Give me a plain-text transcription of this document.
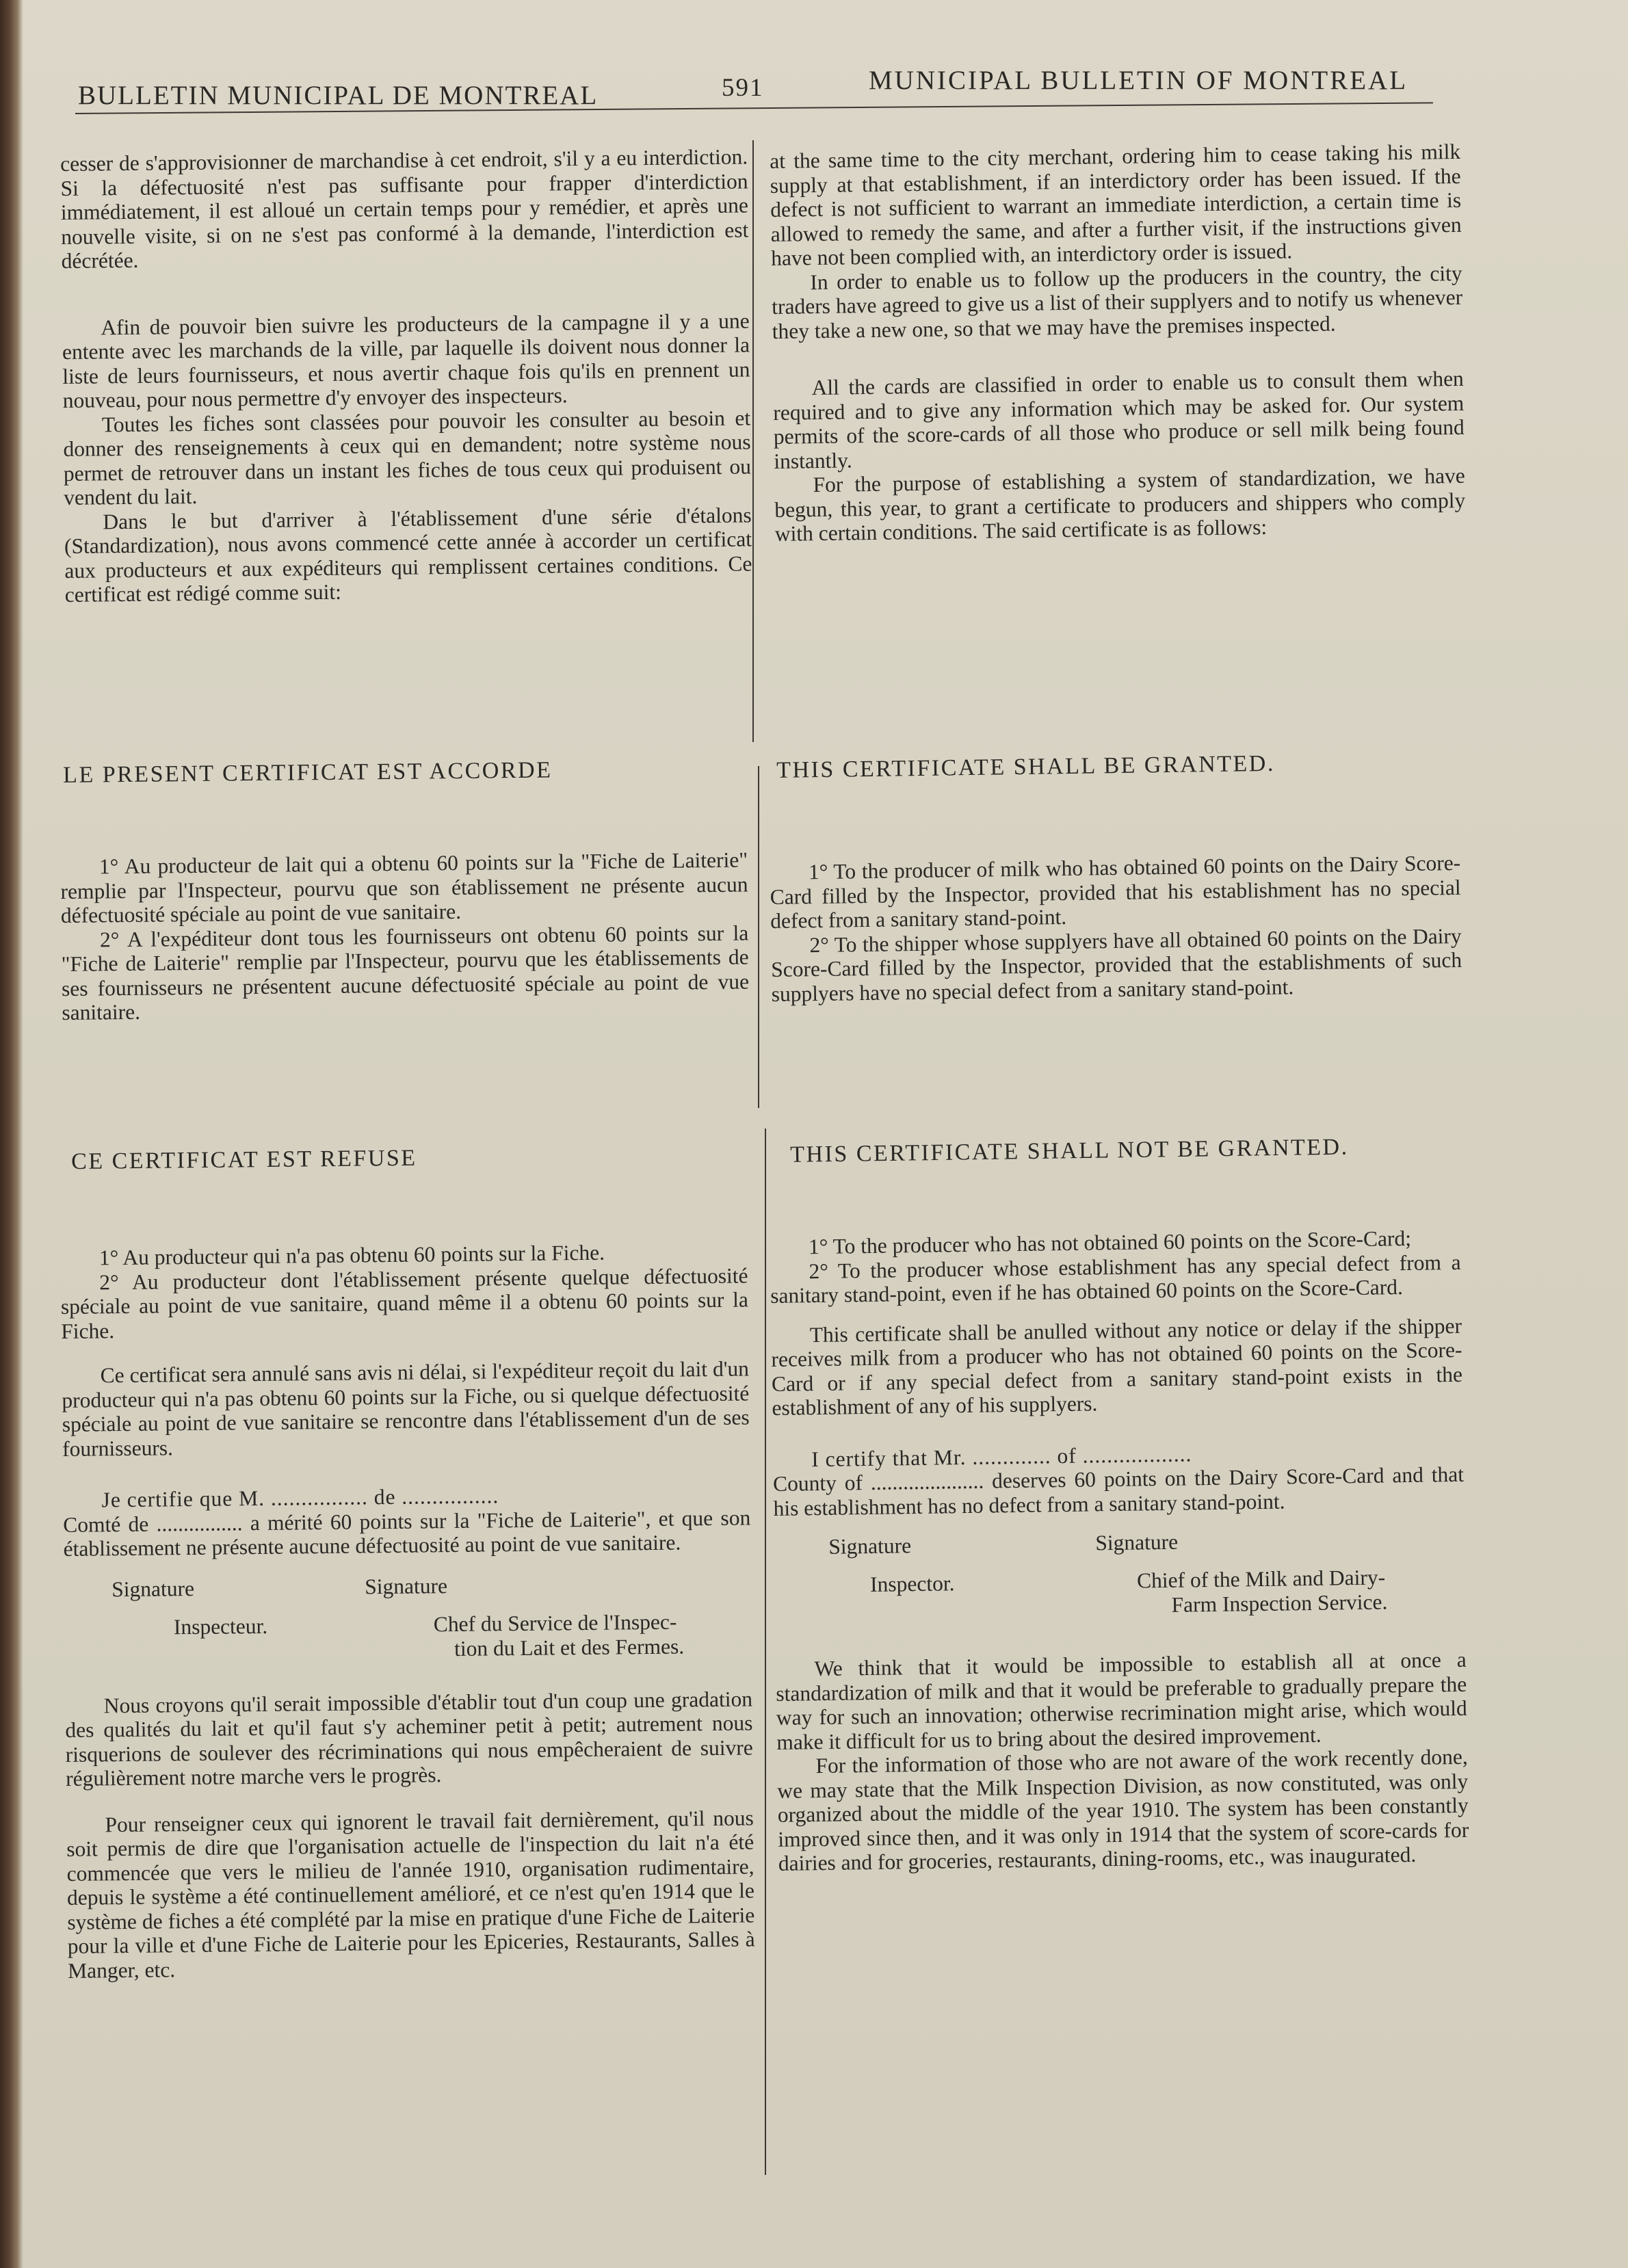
BULLETIN MUNICIPAL DE MONTREAL	591	MUNICIPAL BULLETIN OF MONTREAL

cesser de s'approvisionner de marchandise à cet endroit, s'il y a eu interdiction. Si la défectuosité n'est pas suffisante pour frapper d'interdiction immédiatement, il est alloué un certain temps pour y remédier, et après une nouvelle visite, si on ne s'est pas conformé à la demande, l'interdiction est décrétée.

Afin de pouvoir bien suivre les producteurs de la campagne il y a une entente avec les marchands de la ville, par laquelle ils doivent nous donner la liste de leurs fournisseurs, et nous avertir chaque fois qu'ils en prennent un nouveau, pour nous permettre d'y envoyer des inspecteurs.

Toutes les fiches sont classées pour pouvoir les consulter au besoin et donner des renseignements à ceux qui en demandent; notre système nous permet de retrouver dans un instant les fiches de tous ceux qui produisent ou vendent du lait.

Dans le but d'arriver à l'établissement d'une série d'étalons (Standardization), nous avons commencé cette année à accorder un certificat aux producteurs et aux expéditeurs qui remplissent certaines conditions. Ce certificat est rédigé comme suit:

LE PRESENT CERTIFICAT EST ACCORDE

1° Au producteur de lait qui a obtenu 60 points sur la "Fiche de Laiterie" remplie par l'Inspecteur, pourvu que son établissement ne présente aucun défectuosité spéciale au point de vue sanitaire.

2° A l'expéditeur dont tous les fournisseurs ont obtenu 60 points sur la "Fiche de Laiterie" remplie par l'Inspecteur, pourvu que les établissements de ses fournisseurs ne présentent aucune défectuosité spéciale au point de vue sanitaire.

CE CERTIFICAT EST REFUSE

1° Au producteur qui n'a pas obtenu 60 points sur la Fiche.

2° Au producteur dont l'établissement présente quelque défectuosité spéciale au point de vue sanitaire, quand même il a obtenu 60 points sur la Fiche.

Ce certificat sera annulé sans avis ni délai, si l'expéditeur reçoit du lait d'un producteur qui n'a pas obtenu 60 points sur la Fiche, ou si quelque défectuosité spéciale au point de vue sanitaire se rencontre dans l'établissement d'un de ses fournisseurs.

Je certifie que M. ................ de ................

Comté de ................ a mérité 60 points sur la "Fiche de Laiterie", et que son établissement ne présente aucune défectuosité au point de vue sanitaire.

Signature	Signature
Inspecteur.	Chef du Service de l'Inspec-
tion du Lait et des Fermes.

Nous croyons qu'il serait impossible d'établir tout d'un coup une gradation des qualités du lait et qu'il faut s'y acheminer petit à petit; autrement nous risquerions de soulever des récriminations qui nous empêcheraient de suivre régulièrement notre marche vers le progrès.

Pour renseigner ceux qui ignorent le travail fait dernièrement, qu'il nous soit permis de dire que l'organisation actuelle de l'inspection du lait n'a été commencée que vers le milieu de l'année 1910, organisation rudimentaire, depuis le système a été continuellement amélioré, et ce n'est qu'en 1914 que le système de fiches a été complété par la mise en pratique d'une Fiche de Laiterie pour la ville et d'une Fiche de Laiterie pour les Epiceries, Restaurants, Salles à Manger, etc.

at the same time to the city merchant, ordering him to cease taking his milk supply at that establishment, if an interdictory order has been issued. If the defect is not sufficient to warrant an immediate interdiction, a certain time is allowed to remedy the same, and after a further visit, if the instructions given have not been complied with, an interdictory order is issued.

In order to enable us to follow up the producers in the country, the city traders have agreed to give us a list of their supplyers and to notify us whenever they take a new one, so that we may have the premises inspected.

All the cards are classified in order to enable us to consult them when required and to give any information which may be asked for. Our system permits of the score-cards of all those who produce or sell milk being found instantly.

For the purpose of establishing a system of standardization, we have begun, this year, to grant a certificate to producers and shippers who comply with certain conditions. The said certificate is as follows:

THIS CERTIFICATE SHALL BE GRANTED.

1° To the producer of milk who has obtained 60 points on the Dairy Score-Card filled by the Inspector, provided that his establishment has no special defect from a sanitary stand-point.

2° To the shipper whose supplyers have all obtained 60 points on the Dairy Score-Card filled by the Inspector, provided that the establishments of such supplyers have no special defect from a sanitary stand-point.

THIS CERTIFICATE SHALL NOT BE GRANTED.

1° To the producer who has not obtained 60 points on the Score-Card;

2° To the producer whose establishment has any special defect from a sanitary stand-point, even if he has obtained 60 points on the Score-Card.

This certificate shall be anulled without any notice or delay if the shipper receives milk from a producer who has not obtained 60 points on the Score-Card or if any special defect from a sanitary stand-point exists in the establishment of any of his supplyers.

I certify that Mr. ............. of ..................

County of ..................... deserves 60 points on the Dairy Score-Card and that his establishment has no defect from a sanitary stand-point.

Signature	Signature
Inspector.	Chief of the Milk and Dairy-
Farm Inspection Service.

We think that it would be impossible to establish all at once a standardization of milk and that it would be preferable to gradually prepare the way for such an innovation; otherwise recrimination might arise, which would make it difficult for us to bring about the desired improvement.

For the information of those who are not aware of the work recently done, we may state that the Milk Inspection Division, as now constituted, was only organized about the middle of the year 1910. The system has been constantly improved since then, and it was only in 1914 that the system of score-cards for dairies and for groceries, restaurants, dining-rooms, etc., was inaugurated.
